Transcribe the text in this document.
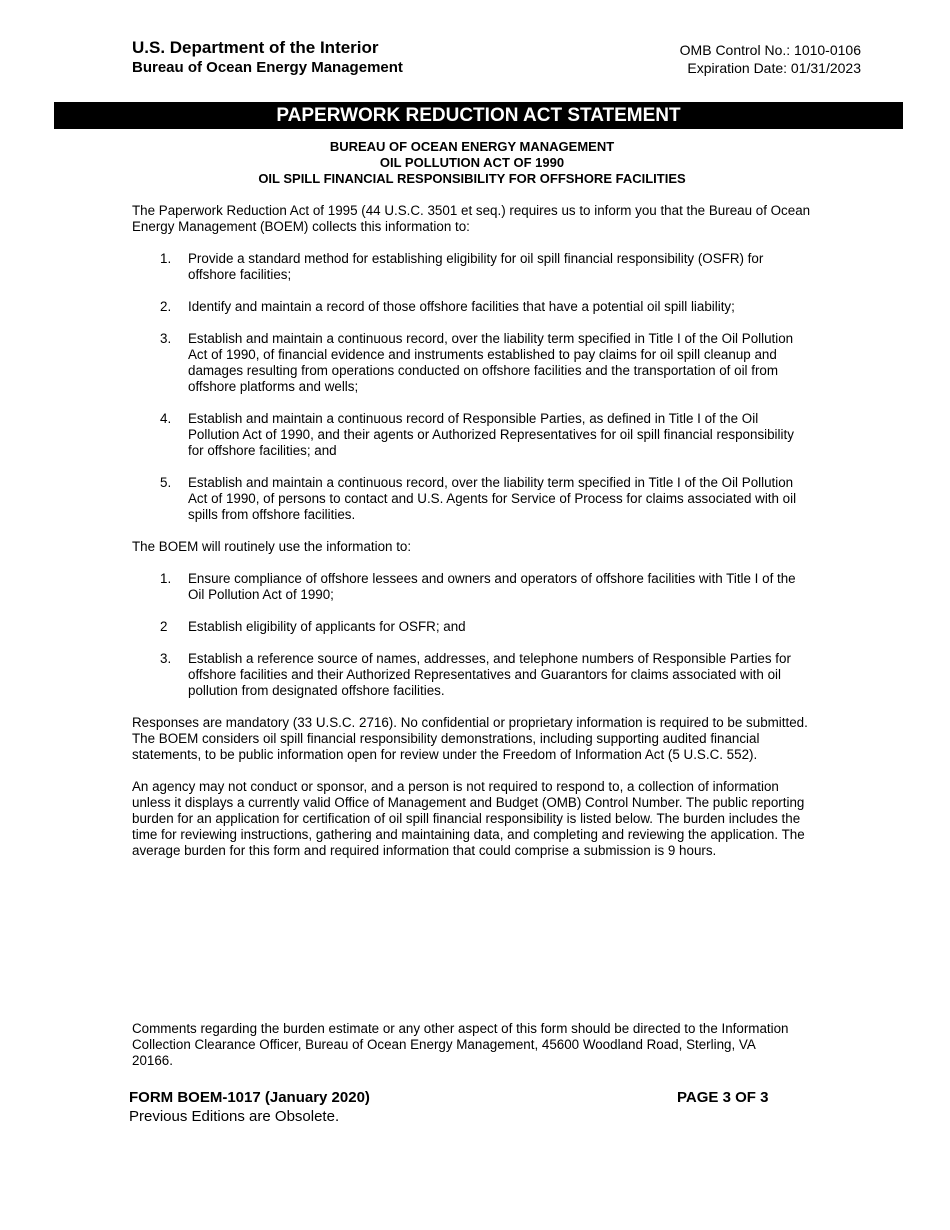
U.S. Department of the Interior
Bureau of Ocean Energy Management
OMB Control No.: 1010-0106
Expiration Date: 01/31/2023
PAPERWORK REDUCTION ACT STATEMENT
BUREAU OF OCEAN ENERGY MANAGEMENT
OIL POLLUTION ACT OF 1990
OIL SPILL FINANCIAL RESPONSIBILITY FOR OFFSHORE FACILITIES

The Paperwork Reduction Act of 1995 (44 U.S.C. 3501 et seq.) requires us to inform you that the Bureau of Ocean Energy Management (BOEM) collects this information to:

1. Provide a standard method for establishing eligibility for oil spill financial responsibility (OSFR) for offshore facilities;
2. Identify and maintain a record of those offshore facilities that have a potential oil spill liability;
3. Establish and maintain a continuous record, over the liability term specified in Title I of the Oil Pollution Act of 1990, of financial evidence and instruments established to pay claims for oil spill cleanup and damages resulting from operations conducted on offshore facilities and the transportation of oil from offshore platforms and wells;
4. Establish and maintain a continuous record of Responsible Parties, as defined in Title I of the Oil Pollution Act of 1990, and their agents or Authorized Representatives for oil spill financial responsibility for offshore facilities; and
5. Establish and maintain a continuous record, over the liability term specified in Title I of the Oil Pollution Act of 1990, of persons to contact and U.S. Agents for Service of Process for claims associated with oil spills from offshore facilities.

The BOEM will routinely use the information to:

1. Ensure compliance of offshore lessees and owners and operators of offshore facilities with Title I of the Oil Pollution Act of 1990;
2 Establish eligibility of applicants for OSFR; and
3. Establish a reference source of names, addresses, and telephone numbers of Responsible Parties for offshore facilities and their Authorized Representatives and Guarantors for claims associated with oil pollution from designated offshore facilities.

Responses are mandatory (33 U.S.C. 2716). No confidential or proprietary information is required to be submitted. The BOEM considers oil spill financial responsibility demonstrations, including supporting audited financial statements, to be public information open for review under the Freedom of Information Act (5 U.S.C. 552).

An agency may not conduct or sponsor, and a person is not required to respond to, a collection of information unless it displays a currently valid Office of Management and Budget (OMB) Control Number. The public reporting burden for an application for certification of oil spill financial responsibility is listed below. The burden includes the time for reviewing instructions, gathering and maintaining data, and completing and reviewing the application. The average burden for this form and required information that could comprise a submission is 9 hours.

Comments regarding the burden estimate or any other aspect of this form should be directed to the Information Collection Clearance Officer, Bureau of Ocean Energy Management, 45600 Woodland Road, Sterling, VA 20166.
FORM BOEM-1017 (January 2020)
Previous Editions are Obsolete.
PAGE 3 OF 3
